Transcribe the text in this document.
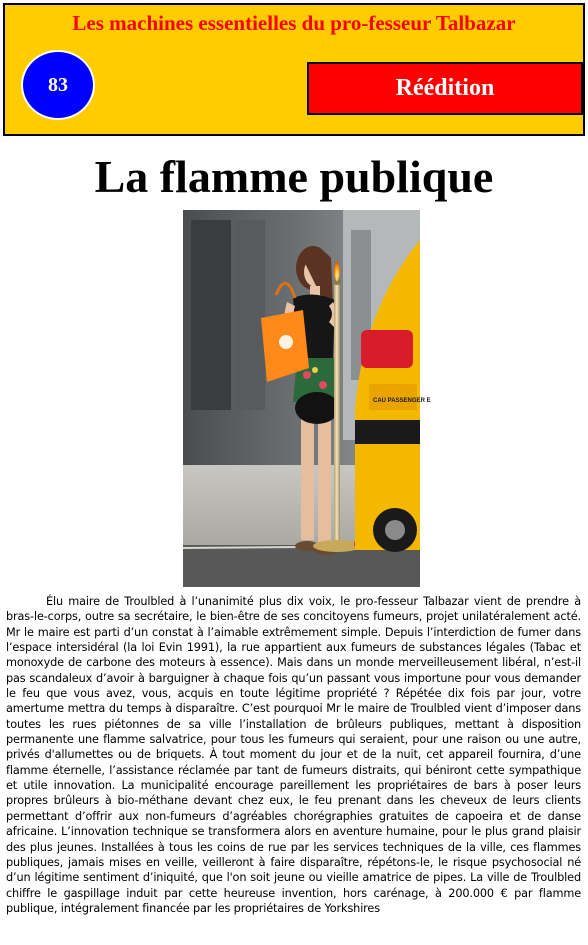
Les machines essentielles du pro-fesseur Talbazar
83	Réédition
La flamme publique
CAU PASSENGER E

Élu maire de Troulbled à l’unanimité plus dix voix, le pro-fesseur Talbazar vient de prendre à bras-le-corps, outre sa secrétaire, le bien-être de ses concitoyens fumeurs, projet unilatéralement acté. Mr le maire est parti d’un constat à l’aimable extrêmement simple. Depuis l’interdiction de fumer dans l’espace intersidéral (la loi Evin 1991), la rue appartient aux fumeurs de substances légales (Tabac et monoxyde de carbone des moteurs à essence). Mais dans un monde merveilleusement libéral, n’est-il pas scandaleux d’avoir à barguigner à chaque fois qu’un passant vous importune pour vous demander le feu que vous avez, vous, acquis en toute légitime propriété ? Répétée dix fois par jour, votre amertume mettra du temps à disparaître. C’est pourquoi Mr le maire de Troulbled vient d’imposer dans toutes les rues piétonnes de sa ville l’installation de brûleurs publiques, mettant à disposition permanente une flamme salvatrice, pour tous les fumeurs qui seraient, pour une raison ou une autre, privés d'allumettes ou de briquets. À tout moment du jour et de la nuit, cet appareil fournira, d’une flamme éternelle, l’assistance réclamée par tant de fumeurs distraits, qui béniront cette sympathique et utile innovation. La municipalité encourage pareillement les propriétaires de bars à poser leurs propres brûleurs à bio-méthane devant chez eux, le feu prenant dans les cheveux de leurs clients permettant d’offrir aux non-fumeurs d’agréables chorégraphies gratuites de capoeira et de danse africaine. L’innovation technique se transformera alors en aventure humaine, pour le plus grand plaisir des plus jeunes. Installées à tous les coins de rue par les services techniques de la ville, ces flammes publiques, jamais mises en veille, veilleront à faire disparaître, répétons-le, le risque psychosocial né d’un légitime sentiment d’iniquité, que l'on soit jeune ou vieille amatrice de pipes. La ville de Troulbled chiffre le gaspillage induit par cette heureuse invention, hors carénage, à 200.000 € par flamme publique, intégralement financée par les propriétaires de Yorkshires
